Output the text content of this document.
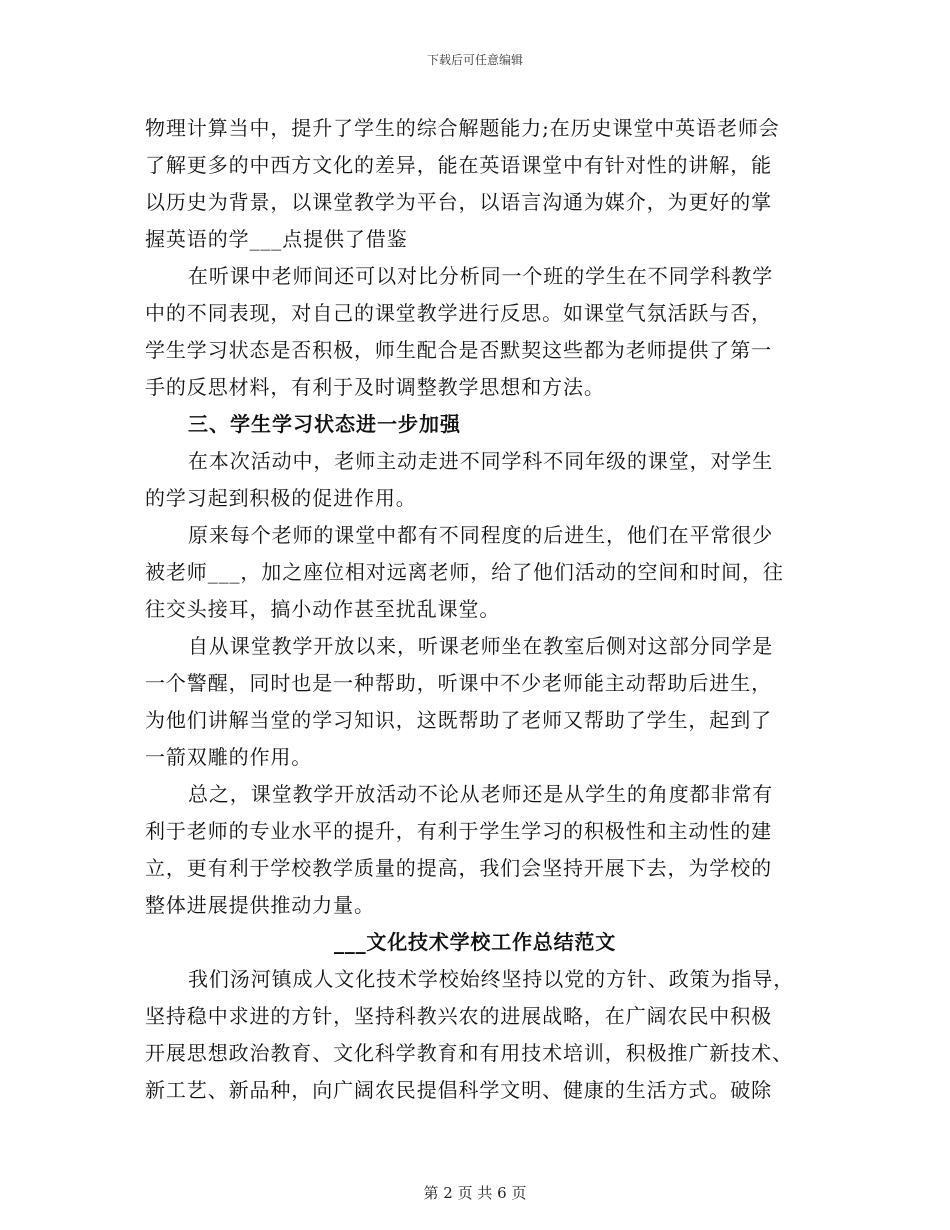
下载后可任意编辑
物理计算当中，提升了学生的综合解题能力;在历史课堂中英语老师会
了解更多的中西方文化的差异，能在英语课堂中有针对性的讲解，能
以历史为背景，以课堂教学为平台，以语言沟通为媒介，为更好的掌
握英语的学___点提供了借鉴
在听课中老师间还可以对比分析同一个班的学生在不同学科教学
中的不同表现，对自己的课堂教学进行反思。如课堂气氛活跃与否，
学生学习状态是否积极，师生配合是否默契这些都为老师提供了第一
手的反思材料，有利于及时调整教学思想和方法。
三、学生学习状态进一步加强
在本次活动中，老师主动走进不同学科不同年级的课堂，对学生
的学习起到积极的促进作用。
原来每个老师的课堂中都有不同程度的后进生，他们在平常很少
被老师___，加之座位相对远离老师，给了他们活动的空间和时间，往
往交头接耳，搞小动作甚至扰乱课堂。
自从课堂教学开放以来，听课老师坐在教室后侧对这部分同学是
一个警醒，同时也是一种帮助，听课中不少老师能主动帮助后进生，
为他们讲解当堂的学习知识，这既帮助了老师又帮助了学生，起到了
一箭双雕的作用。
总之，课堂教学开放活动不论从老师还是从学生的角度都非常有
利于老师的专业水平的提升，有利于学生学习的积极性和主动性的建
立，更有利于学校教学质量的提高，我们会坚持开展下去，为学校的
整体进展提供推动力量。
___文化技术学校工作总结范文
我们汤河镇成人文化技术学校始终坚持以党的方针、政策为指导，
坚持稳中求进的方针，坚持科教兴农的进展战略，在广阔农民中积极
开展思想政治教育、文化科学教育和有用技术培训，积极推广新技术、
新工艺、新品种，向广阔农民提倡科学文明、健康的生活方式。破除
第 2 页 共 6 页
